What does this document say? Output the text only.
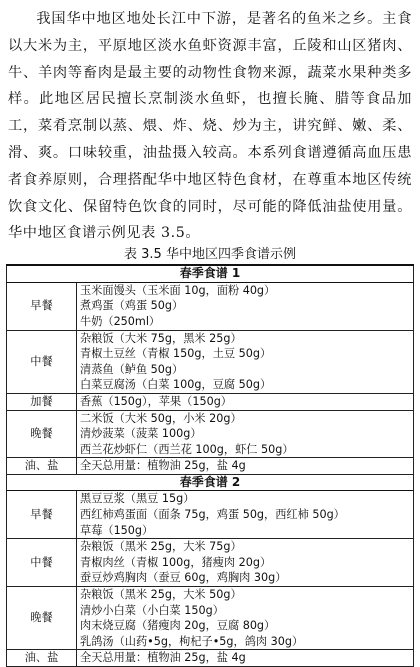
我国华中地区地处长江中下游，是著名的鱼米之乡。主食以大米为主，平原地区淡水鱼虾资源丰富，丘陵和山区猪肉、牛、羊肉等畜肉是最主要的动物性食物来源，蔬菜水果种类多样。此地区居民擅长烹制淡水鱼虾，也擅长腌、腊等食品加工，菜肴烹制以蒸、煨、炸、烧、炒为主，讲究鲜、嫩、柔、滑、爽。口味较重，油盐摄入较高。本系列食谱遵循高血压患者食养原则，合理搭配华中地区特色食材，在尊重本地区传统饮食文化、保留特色饮食的同时，尽可能的降低油盐使用量。华中地区食谱示例见表 3.5。

表 3.5 华中地区四季食谱示例
春季食谱 1	
早餐	玉米面馒头（玉米面 10g，面粉 40g）
煮鸡蛋（鸡蛋 50g）
牛奶（250ml）

中餐	杂粮饭（大米 75g，黑米 25g）
青椒土豆丝（青椒 150g，土豆 50g）
清蒸鱼（鲈鱼 50g）
白菜豆腐汤（白菜 100g，豆腐 50g）

加餐	香蕉（150g），苹果（150g）

晚餐	二米饭（大米 50g，小米 20g）
清炒菠菜（菠菜 100g）
西兰花炒虾仁（西兰花 100g，虾仁 50g）

油、盐	全天总用量：植物油 25g，盐 4g

春季食谱 2	
早餐	黑豆豆浆（黑豆 15g）
西红柿鸡蛋面（面条 75g，鸡蛋 50g，西红柿 50g）
草莓（150g）

中餐	杂粮饭（黑米 25g，大米 75g）
青椒肉丝（青椒 100g，猪瘦肉 20g）
蚕豆炒鸡胸肉（蚕豆 60g，鸡胸肉 30g）

晚餐	杂粮饭（黑米 25g，大米 50g）
清炒小白菜（小白菜 150g）
肉末烧豆腐（猪瘦肉 20g，豆腐 80g）
乳鸽汤（山药•5g，枸杞子•5g，鸽肉 30g）

油、盐	全天总用量：植物油 25g，盐 4g
